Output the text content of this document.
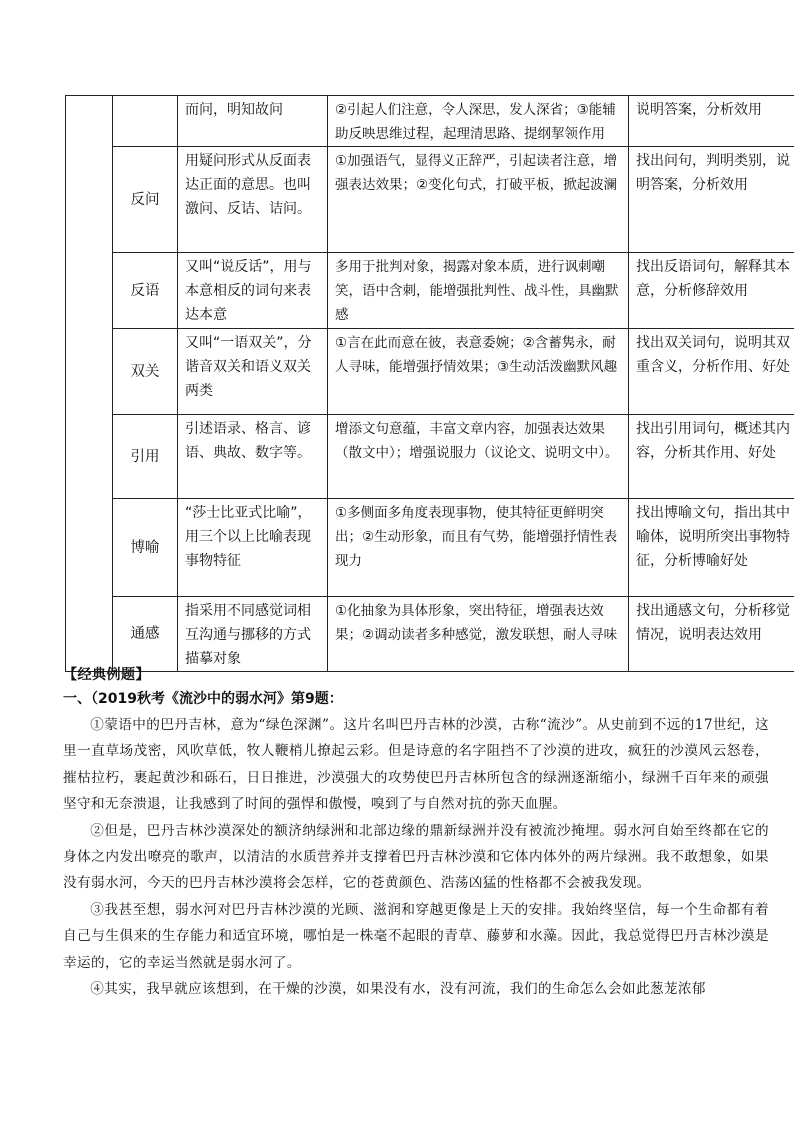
		而问，明知故问	②引起人们注意，令人深思，发人深省；③能辅助反映思维过程，起理清思路、提纲挈领作用	说明答案，分析效用
	反问	用疑问形式从反面表达正面的意思。也叫激问、反诘、诘问。	①加强语气，显得义正辞严，引起读者注意，增强表达效果；②变化句式，打破平板，掀起波澜	找出问句，判明类别，说明答案，分析效用
	反语	又叫“说反话”，用与本意相反的词句来表达本意	多用于批判对象，揭露对象本质，进行讽刺嘲笑，语中含刺，能增强批判性、战斗性，具幽默感	找出反语词句，解释其本意，分析修辞效用
	双关	又叫“一语双关”，分谐音双关和语义双关两类	①言在此而意在彼，表意委婉；②含蓄隽永，耐人寻味，能增强抒情效果；③生动活泼幽默风趣	找出双关词句，说明其双重含义，分析作用、好处
	引用	引述语录、格言、谚语、典故、数字等。	增添文句意蕴，丰富文章内容，加强表达效果（散文中）；增强说服力（议论文、说明文中）。	找出引用词句，概述其内容，分析其作用、好处
	博喻	“莎士比亚式比喻”，用三个以上比喻表现事物特征	①多侧面多角度表现事物，使其特征更鲜明突出；②生动形象，而且有气势，能增强抒情性表现力	找出博喻文句，指出其中喻体，说明所突出事物特征，分析博喻好处
	通感	指采用不同感觉词相互沟通与挪移的方式描摹对象	①化抽象为具体形象，突出特征，增强表达效果；②调动读者多种感觉，激发联想，耐人寻味	找出通感文句，分析移觉情况，说明表达效用
【经典例题】
一、（2019秋考《流沙中的弱水河》第9题：

①蒙语中的巴丹吉林，意为“绿色深渊”。这片名叫巴丹吉林的沙漠，古称“流沙”。从史前到不远的17世纪，这里一直草场茂密，风吹草低，牧人鞭梢儿撩起云彩。但是诗意的名字阻挡不了沙漠的进攻，疯狂的沙漠风云怒卷，摧枯拉朽，裹起黄沙和砾石，日日推进，沙漠强大的攻势使巴丹吉林所包含的绿洲逐渐缩小，绿洲千百年来的顽强坚守和无奈溃退，让我感到了时间的强悍和傲慢，嗅到了与自然对抗的弥天血腥。

②但是，巴丹吉林沙漠深处的额济纳绿洲和北部边缘的鼎新绿洲并没有被流沙掩埋。弱水河自始至终都在它的身体之内发出嘹亮的歌声，以清洁的水质营养并支撑着巴丹吉林沙漠和它体内体外的两片绿洲。我不敢想象，如果没有弱水河，今天的巴丹吉林沙漠将会怎样，它的苍黄颜色、浩荡凶猛的性格都不会被我发现。

③我甚至想，弱水河对巴丹吉林沙漠的光顾、滋润和穿越更像是上天的安排。我始终坚信，每一个生命都有着自己与生俱来的生存能力和适宜环境，哪怕是一株毫不起眼的青草、藤萝和水藻。因此，我总觉得巴丹吉林沙漠是幸运的，它的幸运当然就是弱水河了。

④其实，我早就应该想到，在干燥的沙漠，如果没有水，没有河流，我们的生命怎么会如此葱茏浓郁
